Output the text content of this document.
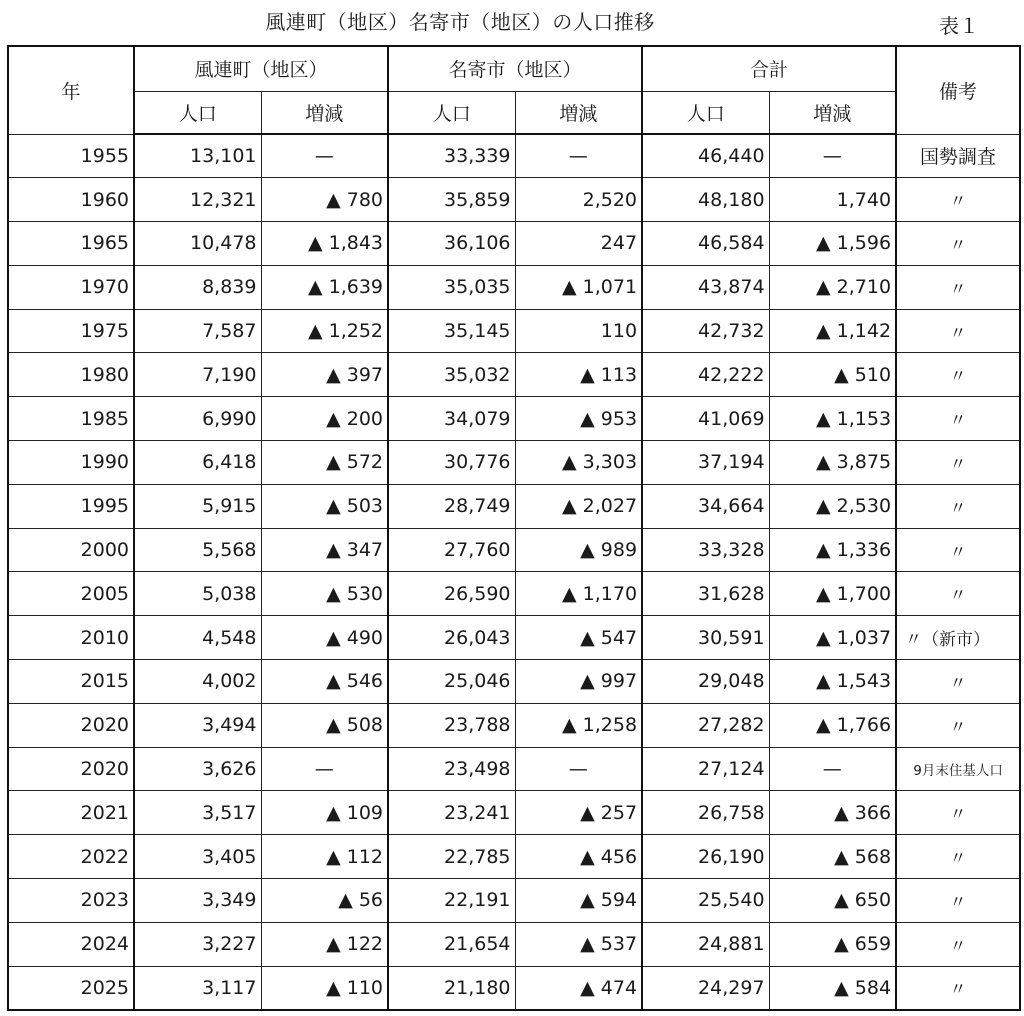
風連町（地区）名寄市（地区）の人口推移	表１
年	風連町（地区）		名寄市（地区）		合計		備考
	人口	増減	人口	増減	人口	増減	
1955	13,101	—	33,339	—	46,440	—	国勢調査
1960	12,321	▲ 780	35,859	2,520	48,180	1,740	〃
1965	10,478	▲ 1,843	36,106	247	46,584	▲ 1,596	〃
1970	8,839	▲ 1,639	35,035	▲ 1,071	43,874	▲ 2,710	〃
1975	7,587	▲ 1,252	35,145	110	42,732	▲ 1,142	〃
1980	7,190	▲ 397	35,032	▲ 113	42,222	▲ 510	〃
1985	6,990	▲ 200	34,079	▲ 953	41,069	▲ 1,153	〃
1990	6,418	▲ 572	30,776	▲ 3,303	37,194	▲ 3,875	〃
1995	5,915	▲ 503	28,749	▲ 2,027	34,664	▲ 2,530	〃
2000	5,568	▲ 347	27,760	▲ 989	33,328	▲ 1,336	〃
2005	5,038	▲ 530	26,590	▲ 1,170	31,628	▲ 1,700	〃
2010	4,548	▲ 490	26,043	▲ 547	30,591	▲ 1,037	〃（新市）
2015	4,002	▲ 546	25,046	▲ 997	29,048	▲ 1,543	〃
2020	3,494	▲ 508	23,788	▲ 1,258	27,282	▲ 1,766	〃
2020	3,626	—	23,498	—	27,124	—	9月末住基人口
2021	3,517	▲ 109	23,241	▲ 257	26,758	▲ 366	〃
2022	3,405	▲ 112	22,785	▲ 456	26,190	▲ 568	〃
2023	3,349	▲ 56	22,191	▲ 594	25,540	▲ 650	〃
2024	3,227	▲ 122	21,654	▲ 537	24,881	▲ 659	〃
2025	3,117	▲ 110	21,180	▲ 474	24,297	▲ 584	〃
